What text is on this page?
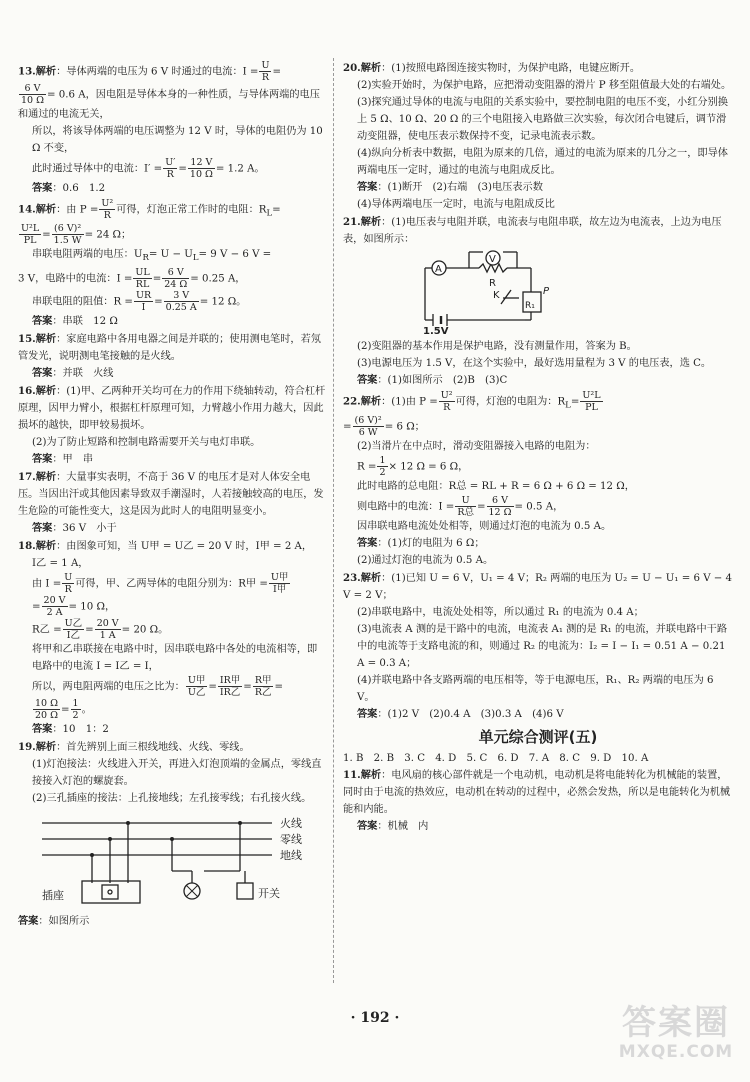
13.解析：导体两端的电压为 6 V 时通过的电流：$I = \frac{U}{R}$ =

$\frac{6 V}{10 \Omega} = 0.6$ A，因电阻是导体本身的一种性质，与导体两端的电压和通过的电流无关，

所以，将该导体两端的电压调整为 12 V 时，导体的电阻仍为 10 Ω 不变，

此时通过导体中的电流：$I' = \frac{U'}{R} = \frac{12 V}{10 \Omega} = 1.2$ A。

答案：0.6　1.2

14.解析：由 $P = \frac{\text{U²}}{R}$ 可得，灯泡正常工作时的电阻：$R_L=$

$\frac{\text{U²L}}{PL} = \frac{\text{(6 V)²}}{1.5 W} = 24$ Ω；

串联电阻两端的电压：$U_R= U - U_L= 9$ V − 6 V =

3 V，电路中的电流：$I = \frac{UL}{RL} = \frac{6 V}{24 \Omega} = 0.25$ A，

串联电阻的阻值：$R = \frac{UR}{I} = \frac{3 V}{0.25 A} = 12$ Ω。

答案：串联　12 Ω

15.解析：家庭电路中各用电器之间是并联的；使用测电笔时，若氖管发光，说明测电笔接触的是火线。

答案：并联　火线

16.解析：(1)甲、乙两种开关均可在力的作用下绕轴转动，符合杠杆原理，因甲力臂小，根据杠杆原理可知，力臂越小作用力越大，因此损坏的越快，即甲较易损坏。

(2)为了防止短路和控制电路需要开关与电灯串联。

答案：甲　串

17.解析：大量事实表明，不高于 36 V 的电压才是对人体安全电压。当因出汗或其他因素导致双手潮湿时，人若接触较高的电压，发生危险的可能性变大，这是因为此时人的电阻明显变小。

答案：36 V　小于

18.解析：由图象可知，当 U甲 = U乙 = 20 V 时，I甲 = 2 A，

I乙 = 1 A，

由 $I = \frac{U}{R}$ 可得，甲、乙两导体的电阻分别为：R甲 = $\frac{\text{U甲}}{\text{I甲}}$

= $\frac{20 V}{2 A} = 10$ Ω，

R乙 = $\frac{\text{U乙}}{\text{I乙}} = \frac{20 V}{1 A} = 20$ Ω。

将甲和乙串联接在电路中时，因串联电路中各处的电流相等，即电路中的电流 I = I乙 = I，

所以，两电阻两端的电压之比为： $\frac{\text{U甲}}{\text{U乙}} = \frac{\text{IR甲}}{\text{IR乙}} = \frac{\text{R甲}}{\text{R乙}}$ =

$\frac{10 \Omega}{20 \Omega} = \frac{1}{2}$ 。

答案：10　1：2

19.解析：首先辨别上面三根线地线、火线、零线。

(1)灯泡接法：火线进入开关，再进入灯泡顶端的金属点，零线直接接入灯泡的螺旋套。

(2)三孔插座的接法：上孔接地线；左孔接零线；右孔接火线。

火线
零线
地线
插座	开关

答案：如图所示

20.解析：(1)按照电路图连接实物时，为保护电路，电键应断开。

(2)实验开始时，为保护电路，应把滑动变阻器的滑片 P 移至阻值最大处的右端处。

(3)探究通过导体的电流与电阻的关系实验中，要控制电阻的电压不变，小红分别换上 5 Ω、10 Ω、20 Ω 的三个电阻接入电路做三次实验，每次闭合电键后，调节滑动变阻器，使电压表示数保持不变，记录电流表示数。

(4)纵向分析表中数据，电阻为原来的几倍，通过的电流为原来的几分之一，即导体两端电压一定时，通过的电流与电阻成反比。

答案：(1)断开　(2)右端　(3)电压表示数

(4)导体两端电压一定时，电流与电阻成反比

21.解析：(1)电压表与电阻并联，电流表与电阻串联，故左边为电流表，上边为电压表，如图所示：

A
V
R
P
R₁
K
1.5V

(2)变阻器的基本作用是保护电路，没有测量作用，答案为 B。

(3)电源电压为 1.5 V，在这个实验中，最好选用量程为 3 V 的电压表，选 C。

答案：(1)如图所示　(2)B　(3)C

22.解析：(1)由 $P = \frac{\text{U²}}{R}$ 可得，灯泡的电阻为：$R_L= \frac{\text{U²L}}{PL}$

= $\frac{\text{(6 V)²}}{6 W} = 6$ Ω；

(2)当滑片在中点时，滑动变阻器接入电路的电阻为：

$R = \frac{1}{2} \times 12$ Ω = 6 Ω，

此时电路的总电阻：R总 = RL + R = 6 Ω + 6 Ω = 12 Ω，

则电路中的电流：$I = \frac{U}{\text{R总}} = \frac{6 V}{12 \Omega} = 0.5$ A，

因串联电路电流处处相等，则通过灯泡的电流为 0.5 A。

答案：(1)灯的电阻为 6 Ω；

(2)通过灯泡的电流为 0.5 A。

23.解析：(1)已知 U = 6 V，U₁ = 4 V；R₂ 两端的电压为 U₂ = U − U₁ = 6 V − 4 V = 2 V；

(2)串联电路中，电流处处相等，所以通过 R₁ 的电流为 0.4 A；

(3)电流表 A 测的是干路中的电流，电流表 A₁ 测的是 R₁ 的电流，并联电路中干路中的电流等于支路电流的和，则通过 R₂ 的电流为：I₂ = I − I₁ = 0.51 A − 0.21 A = 0.3 A；

(4)并联电路中各支路两端的电压相等，等于电源电压，R₁、R₂ 两端的电压为 6 V。

答案：(1)2 V　(2)0.4 A　(3)0.3 A　(4)6 V

单元综合测评(五)

1. B　2. B　3. C　4. D　5. C　6. D　7. A　8. C　9. D　10. A

11.解析：电风扇的核心部件就是一个电动机，电动机是将电能转化为机械能的装置，同时由于电流的热效应，电动机在转动的过程中，必然会发热，所以是电能转化为机械能和内能。

答案：机械　内

· 192 ·	答案圈
MXQE.COM
